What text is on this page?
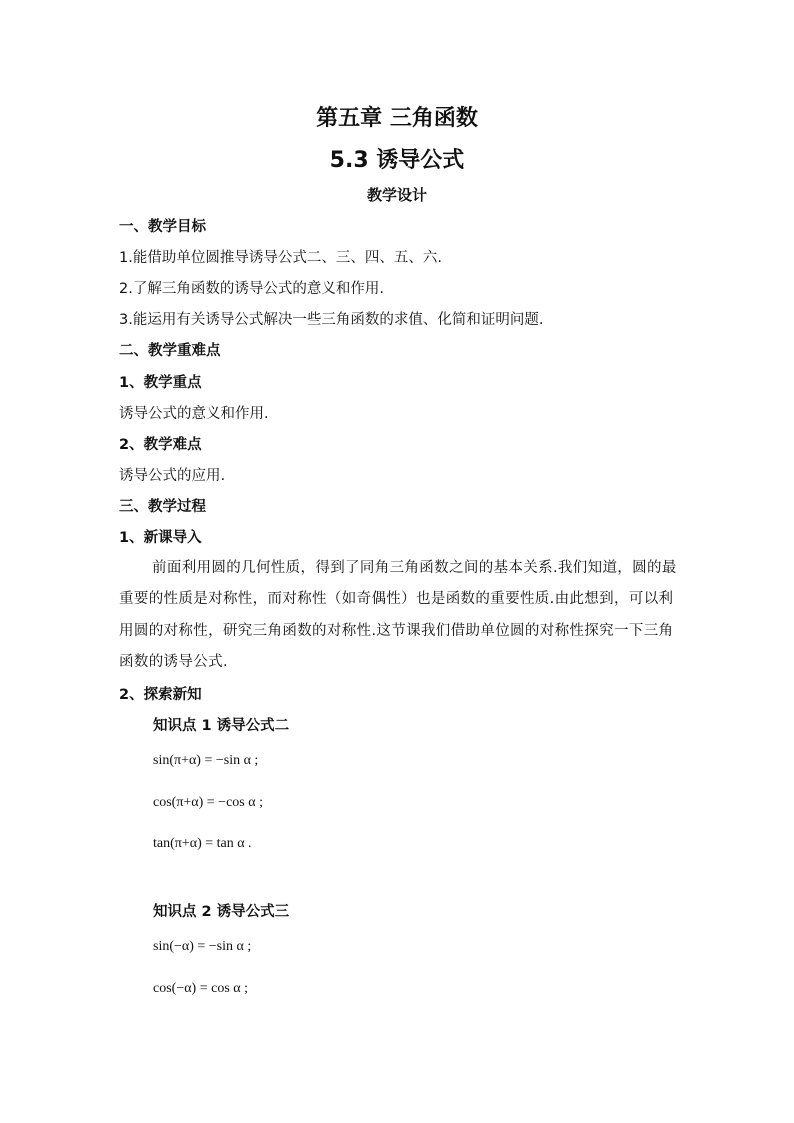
第五章 三角函数
5.3 诱导公式
教学设计
一、教学目标
1.能借助单位圆推导诱导公式二、三、四、五、六.
2.了解三角函数的诱导公式的意义和作用.
3.能运用有关诱导公式解决一些三角函数的求值、化简和证明问题.
二、教学重难点
1、教学重点
诱导公式的意义和作用.
2、教学难点
诱导公式的应用.
三、教学过程
1、新课导入
前面利用圆的几何性质，得到了同角三角函数之间的基本关系.我们知道，圆的最重要的性质是对称性，而对称性（如奇偶性）也是函数的重要性质.由此想到，可以利用圆的对称性，研究三角函数的对称性.这节课我们借助单位圆的对称性探究一下三角函数的诱导公式.
2、探索新知
知识点 1 诱导公式二
sin(π+α) = −sin α ;
cos(π+α) = −cos α ;
tan(π+α) = tan α .
知识点 2 诱导公式三
sin(−α) = −sin α ;
cos(−α) = cos α ;
